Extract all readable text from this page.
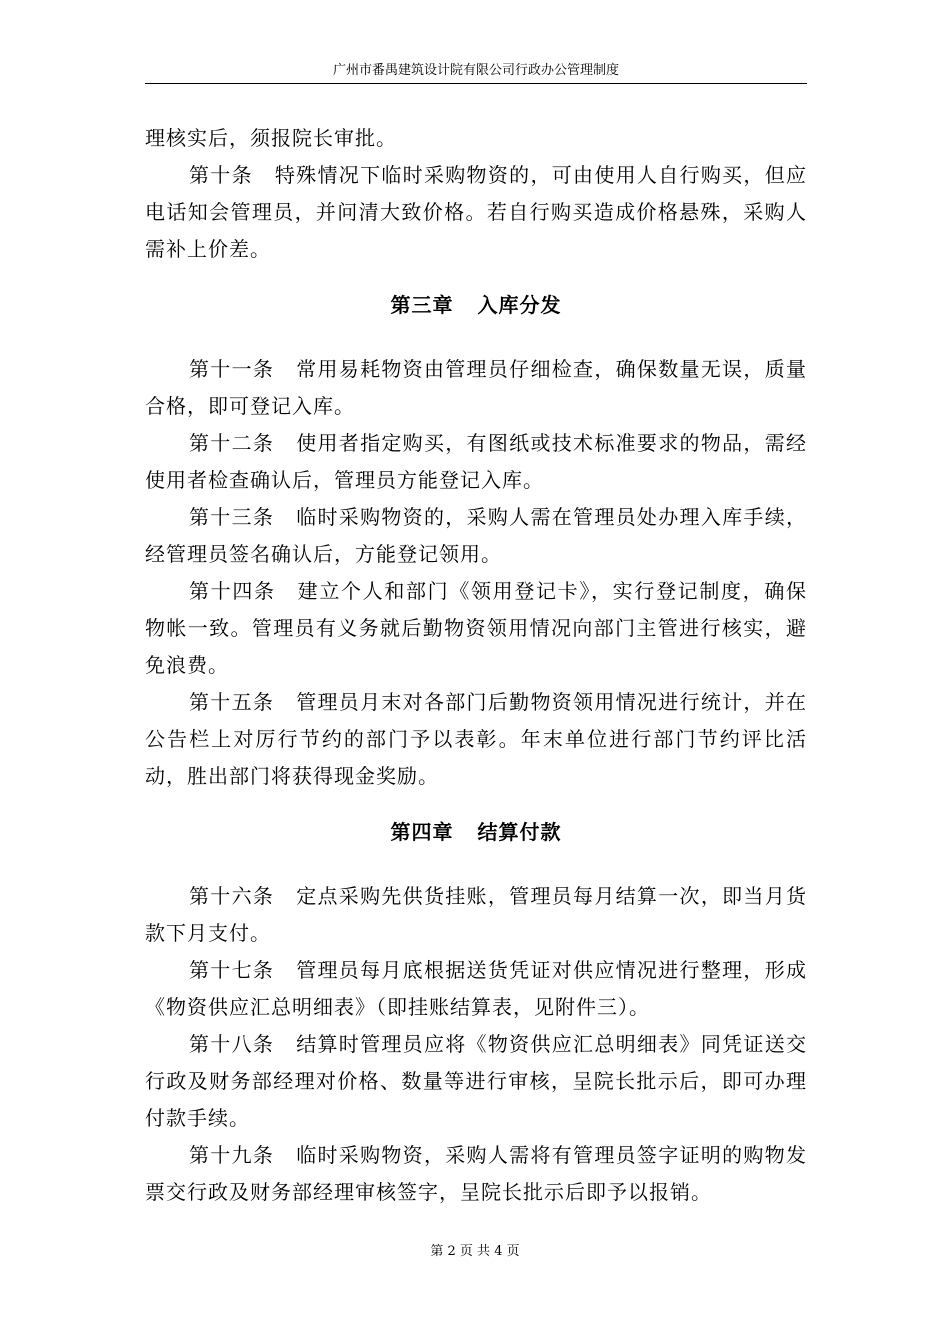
广州市番禺建筑设计院有限公司行政办公管理制度

理核实后，须报院长审批。

第十条 特殊情况下临时采购物资的，可由使用人自行购买，但应电话知会管理员，并问清大致价格。若自行购买造成价格悬殊，采购人需补上价差。

第三章 入库分发

第十一条 常用易耗物资由管理员仔细检查，确保数量无误，质量合格，即可登记入库。

第十二条 使用者指定购买，有图纸或技术标准要求的物品，需经使用者检查确认后，管理员方能登记入库。

第十三条 临时采购物资的，采购人需在管理员处办理入库手续，经管理员签名确认后，方能登记领用。

第十四条 建立个人和部门《领用登记卡》，实行登记制度，确保物帐一致。管理员有义务就后勤物资领用情况向部门主管进行核实，避免浪费。

第十五条 管理员月末对各部门后勤物资领用情况进行统计，并在公告栏上对厉行节约的部门予以表彰。年末单位进行部门节约评比活动，胜出部门将获得现金奖励。

第四章 结算付款

第十六条 定点采购先供货挂账，管理员每月结算一次，即当月货款下月支付。

第十七条 管理员每月底根据送货凭证对供应情况进行整理，形成《物资供应汇总明细表》（即挂账结算表，见附件三）。

第十八条 结算时管理员应将《物资供应汇总明细表》同凭证送交行政及财务部经理对价格、数量等进行审核，呈院长批示后，即可办理付款手续。

第十九条 临时采购物资，采购人需将有管理员签字证明的购物发票交行政及财务部经理审核签字，呈院长批示后即予以报销。

第 2 页 共 4 页
